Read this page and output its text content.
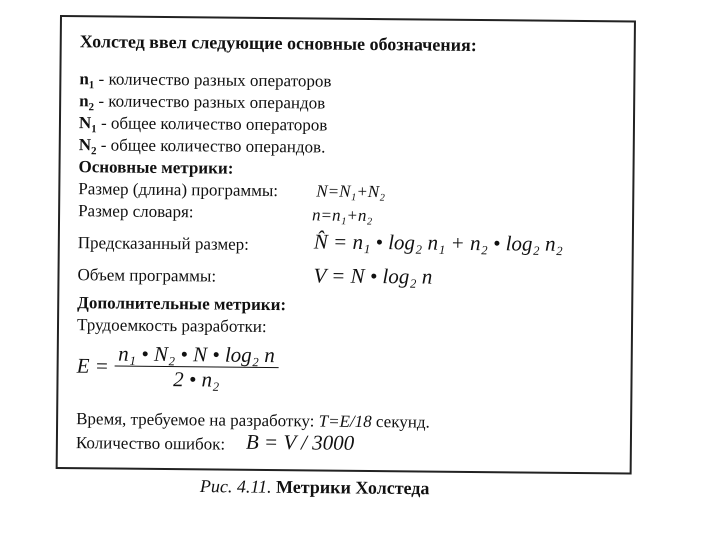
Холстед ввел следующие основные обозначения:
$n_1$ - количество разных операторов
$n_2$ - количество разных операндов
$N_1$ - общее количество операторов
$N_2$ - общее количество операндов.
Основные метрики:
Размер (длина) программы: N=N₁+N₂
Размер словаря:	n=n₁+n₂
Предсказанный размер:	N̂ = n₁ • log₂ n₁ + n₂ • log₂ n₂
Объем программы:	V = N • log₂ n
Дополнительные метрики:
Трудоемкость разработки:
$E = \frac{\text{n₁ • N₂ • N • log₂ n}}{\text{2 • n₂}}$
Время, требуемое на разработку: T=E/18 секунд.
Количество ошибок: B = V / 3000
Рис. 4.11. Метрики Холстеда
